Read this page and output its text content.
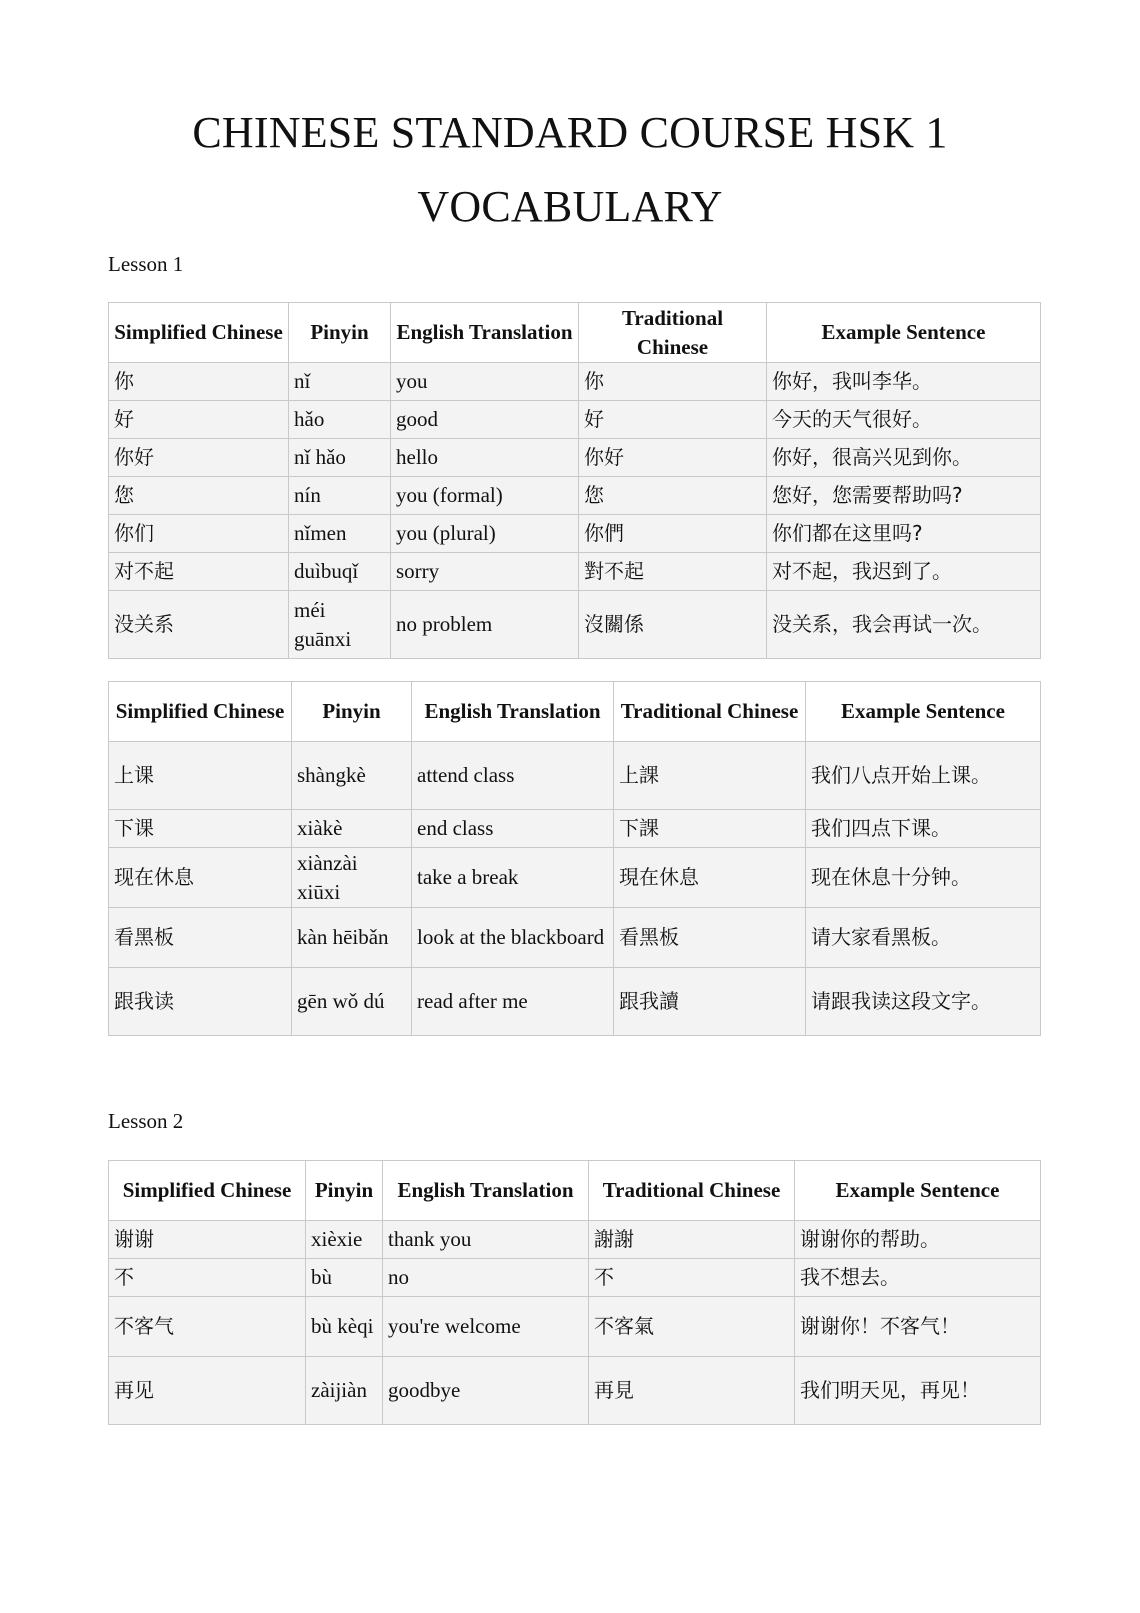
CHINESE STANDARD COURSE HSK 1
VOCABULARY
Lesson 1
Simplified Chinese	Pinyin	English Translation	Traditional Chinese	Example Sentence
你	nǐ	you	你	你好，我叫李华。
好	hǎo	good	好	今天的天气很好。
你好	nǐ hǎo	hello	你好	你好，很高兴见到你。
您	nín	you (formal)	您	您好，您需要帮助吗?
你们	nǐmen	you (plural)	你們	你们都在这里吗?
对不起	duìbuqǐ	sorry	對不起	对不起，我迟到了。
没关系	méi guānxi	no problem	沒關係	没关系，我会再试一次。
Simplified Chinese	Pinyin	English Translation	Traditional Chinese	Example Sentence
上课	shàngkè	attend class	上課	我们八点开始上课。
下课	xiàkè	end class	下課	我们四点下课。
现在休息	xiànzài xiūxi	take a break	現在休息	现在休息十分钟。
看黑板	kàn hēibǎn	look at the blackboard	看黑板	请大家看黑板。
跟我读	gēn wǒ dú	read after me	跟我讀	请跟我读这段文字。
Lesson 2
Simplified Chinese	Pinyin	English Translation	Traditional Chinese	Example Sentence
谢谢	xièxie	thank you	謝謝	谢谢你的帮助。
不	bù	no	不	我不想去。
不客气	bù kèqi	you're welcome	不客氣	谢谢你！不客气！
再见	zàijiàn	goodbye	再見	我们明天见，再见！
